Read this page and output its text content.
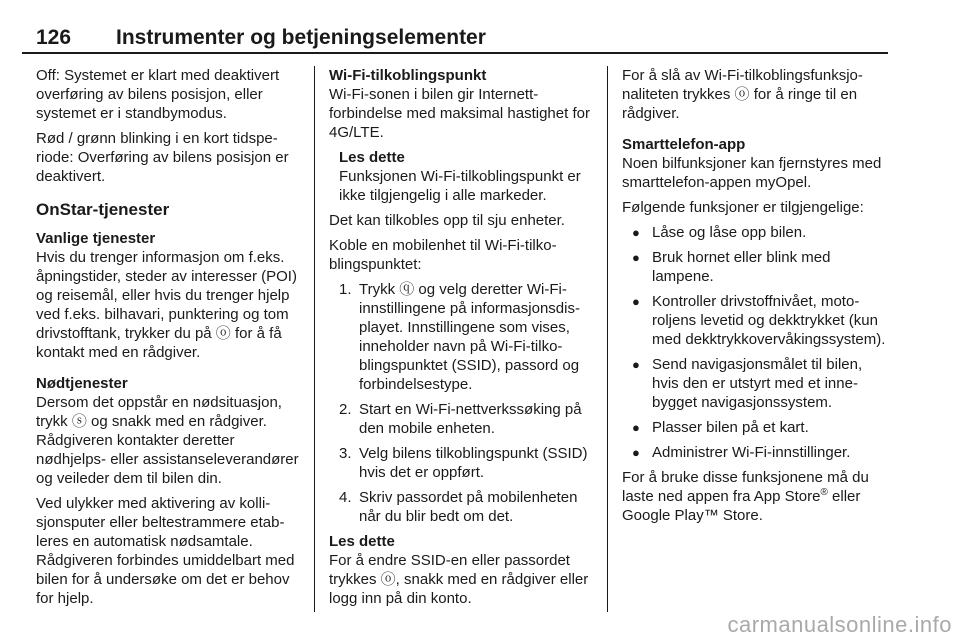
126 Instrumenter og betjeningselementer

Off: Systemet er klart med deaktivert overføring av bilens posisjon, eller systemet er i standbymodus.

Rød / grønn blinking i en kort tidsperiode: Overføring av bilens posisjon er deaktivert.

OnStar-tjenester
Vanlige tjenester

Hvis du trenger informasjon om f.eks. åpningstider, steder av interesser (POI) og reisemål, eller hvis du trenger hjelp ved f.eks. bilhavari, punktering og tom drivstofftank, trykker du på ⓞ for å få kontakt med en rådgiver.

Nødtjenester

Dersom det oppstår en nødsituasjon, trykk ⓢ og snakk med en rådgiver. Rådgiveren kontakter deretter nødhjelps- eller assistanseleverandører og veileder dem til bilen din.

Ved ulykker med aktivering av kollisjonsputer eller beltestrammere etableres en automatisk nødsamtale. Rådgiveren forbindes umiddelbart med bilen for å undersøke om det er behov for hjelp.

Wi-Fi-tilkoblingspunkt

Wi-Fi-sonen i bilen gir Internettforbindelse med maksimal hastighet for 4G/LTE.

Les dette

Funksjonen Wi-Fi-tilkoblingspunkt er ikke tilgjengelig i alle markeder.

Det kan tilkobles opp til sju enheter.

Koble en mobilenhet til Wi-Fi-tilkoblingspunktet:

1. Trykk ⓠ og velg deretter Wi-Fi-innstillingene på informasjonsdisplayet. Innstillingene som vises, inneholder navn på Wi-Fi-tilkoblingspunktet (SSID), passord og forbindelsestype.
2. Start en Wi-Fi-nettverkssøking på den mobile enheten.
3. Velg bilens tilkoblingspunkt (SSID) hvis det er oppført.
4. Skriv passordet på mobilenheten når du blir bedt om det.
Les dette

For å endre SSID-en eller passordet trykkes ⓞ, snakk med en rådgiver eller logg inn på din konto.

For å slå av Wi-Fi-tilkoblingsfunksjonaliteten trykkes ⓞ for å ringe til en rådgiver.

Smarttelefon-app

Noen bilfunksjoner kan fjernstyres med smarttelefon-appen myOpel.

Følgende funksjoner er tilgjengelige:

● Låse og låse opp bilen.
● Bruk hornet eller blink med lampene.
● Kontroller drivstoffnivået, motoroljens levetid og dekktrykket (kun med dekktrykkovervåkingssystem).
● Send navigasjonsmålet til bilen, hvis den er utstyrt med et innebygget navigasjonssystem.
● Plasser bilen på et kart.
● Administrer Wi-Fi-innstillinger.

For å bruke disse funksjonene må du laste ned appen fra App Store® eller Google Play™ Store.

carmanualsonline.info
